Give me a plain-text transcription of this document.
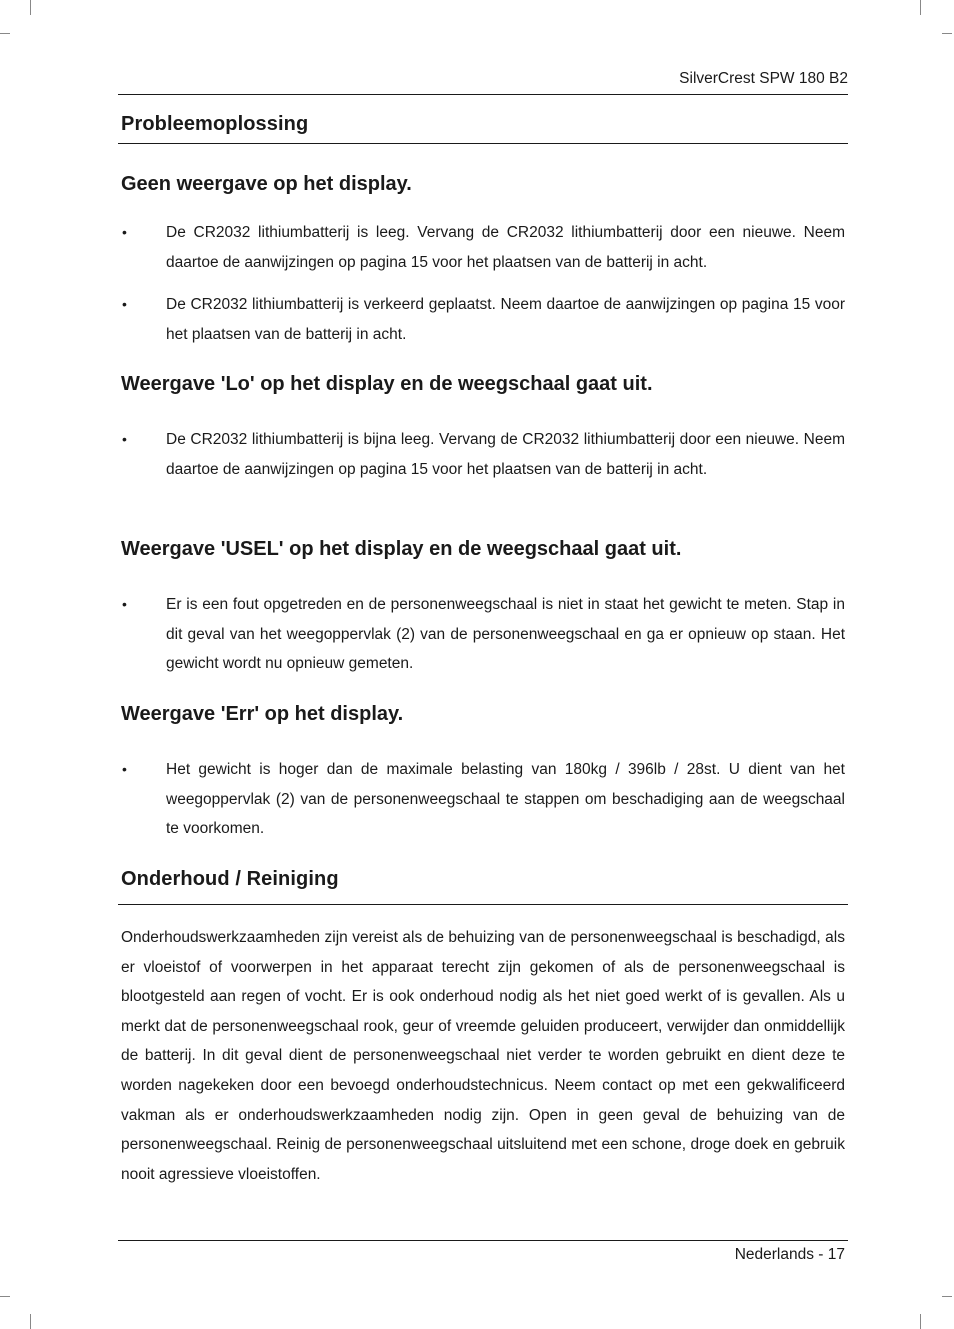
SilverCrest SPW 180 B2
Probleemoplossing
Geen weergave op het display.
•	De CR2032 lithiumbatterij is leeg. Vervang de CR2032 lithiumbatterij door een nieuwe. Neem daartoe de aanwijzingen op pagina 15 voor het plaatsen van de batterij in acht.
•	De CR2032 lithiumbatterij is verkeerd geplaatst. Neem daartoe de aanwijzingen op pagina 15 voor het plaatsen van de batterij in acht.
Weergave 'Lo' op het display en de weegschaal gaat uit.
•	De CR2032 lithiumbatterij is bijna leeg. Vervang de CR2032 lithiumbatterij door een nieuwe. Neem daartoe de aanwijzingen op pagina 15 voor het plaatsen van de batterij in acht.
Weergave 'USEL' op het display en de weegschaal gaat uit.
•	Er is een fout opgetreden en de personenweegschaal is niet in staat het gewicht te meten. Stap in dit geval van het weegoppervlak (2) van de personenweegschaal en ga er opnieuw op staan. Het gewicht wordt nu opnieuw gemeten.
Weergave 'Err' op het display.
•	Het gewicht is hoger dan de maximale belasting van 180kg / 396lb / 28st. U dient van het weegoppervlak (2) van de personenweegschaal te stappen om beschadiging aan de weegschaal te voorkomen.
Onderhoud / Reiniging

Onderhoudswerkzaamheden zijn vereist als de behuizing van de personenweegschaal is beschadigd, als er vloeistof of voorwerpen in het apparaat terecht zijn gekomen of als de personenweegschaal is blootgesteld aan regen of vocht. Er is ook onderhoud nodig als het niet goed werkt of is gevallen. Als u merkt dat de personenweegschaal rook, geur of vreemde geluiden produceert, verwijder dan onmiddellijk de batterij. In dit geval dient de personenweegschaal niet verder te worden gebruikt en dient deze te worden nagekeken door een bevoegd onderhoudstechnicus. Neem contact op met een gekwalificeerd vakman als er onderhoudswerkzaamheden nodig zijn. Open in geen geval de behuizing van de personenweegschaal. Reinig de personenweegschaal uitsluitend met een schone, droge doek en gebruik nooit agressieve vloeistoffen.

Nederlands - 17
